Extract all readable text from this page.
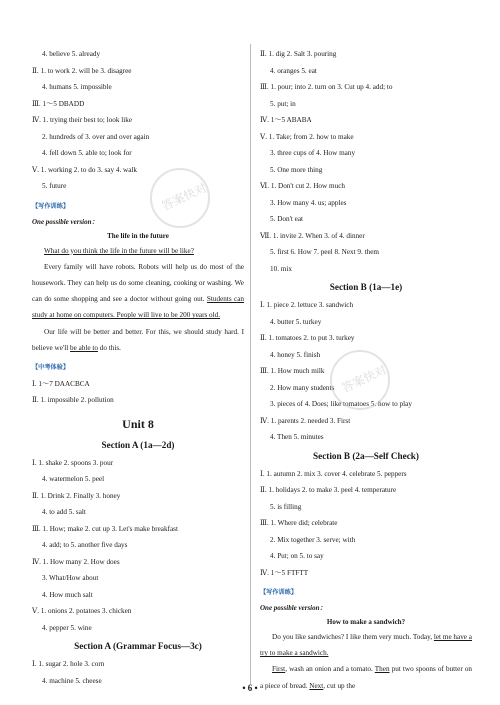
4. believe 5. already
Ⅱ. 1. to work 2. will be 3. disagree
4. humans 5. impossible
Ⅲ. 1～5 DBADD
Ⅳ. 1. trying their best to; look like
2. hundreds of 3. over and over again
4. fell down 5. able to; look for
Ⅴ. 1. working 2. to do 3. say 4. walk
5. future
【写作训练】
One possible version：
The life in the future
What do you think the life in the future will be like?
Every family will have robots. Robots will help us do most of the housework. They can help us do some cleaning, cooking or washing. We can do some shopping and see a doctor without going out. Students can study at home on computers. People will live to be 200 years old.
Our life will be better and better. For this, we should study hard. I believe we'll be able to do this.
【中考体验】
Ⅰ. 1～7 DAACBCA
Ⅱ. 1. impossible 2. pollution
Unit 8
Section A (1a—2d)
Ⅰ. 1. shake 2. spoons 3. pour
4. watermelon 5. peel
Ⅱ. 1. Drink 2. Finally 3. honey
4. to add 5. salt
Ⅲ. 1. How; make 2. cut up 3. Let's make breakfast
4. add; to 5. another five days
Ⅳ. 1. How many 2. How does
3. What/How about
4. How much salt
Ⅴ. 1. onions 2. potatoes 3. chicken
4. pepper 5. wine
Section A (Grammar Focus—3c)
Ⅰ. 1. sugar 2. hole 3. corn
4. machine 5. cheese
Ⅱ. 1. dig 2. Salt 3. pouring
4. oranges 5. eat
Ⅲ. 1. pour; into 2. turn on 3. Cut up 4. add; to
5. put; in
Ⅳ. 1～5 ABABA
Ⅴ. 1. Take; from 2. how to make
3. three cups of 4. How many
5. One more thing
Ⅵ. 1. Don't cut 2. How much
3. How many 4. us; apples
5. Don't eat
Ⅶ. 1. invite 2. When 3. of 4. dinner
5. first 6. How 7. peel 8. Next 9. them
10. mix
Section B (1a—1e)
Ⅰ. 1. piece 2. lettuce 3. sandwich
4. butter 5. turkey
Ⅱ. 1. tomatoes 2. to put 3. turkey
4. honey 5. finish
Ⅲ. 1. How much milk
2. How many students
3. pieces of 4. Does; like tomatoes 5. how to play
Ⅳ. 1. parents 2. needed 3. First
4. Then 5. minutes
Section B (2a—Self Check)
Ⅰ. 1. autumn 2. mix 3. cover 4. celebrate 5. peppers
Ⅱ. 1. holidays 2. to make 3. peel 4. temperature
5. is filling
Ⅲ. 1. Where did; celebrate
2. Mix together 3. serve; with
4. Put; on 5. to say
Ⅳ. 1～5 FTFTT
【写作训练】
One possible version：
How to make a sandwich?
Do you like sandwiches? I like them very much. Today, let me have a try to make a sandwich.
First, wash an onion and a tomato. Then put two spoons of butter on a piece of bread. Next, cut up the
答案快对
答案快对
• 6 •
